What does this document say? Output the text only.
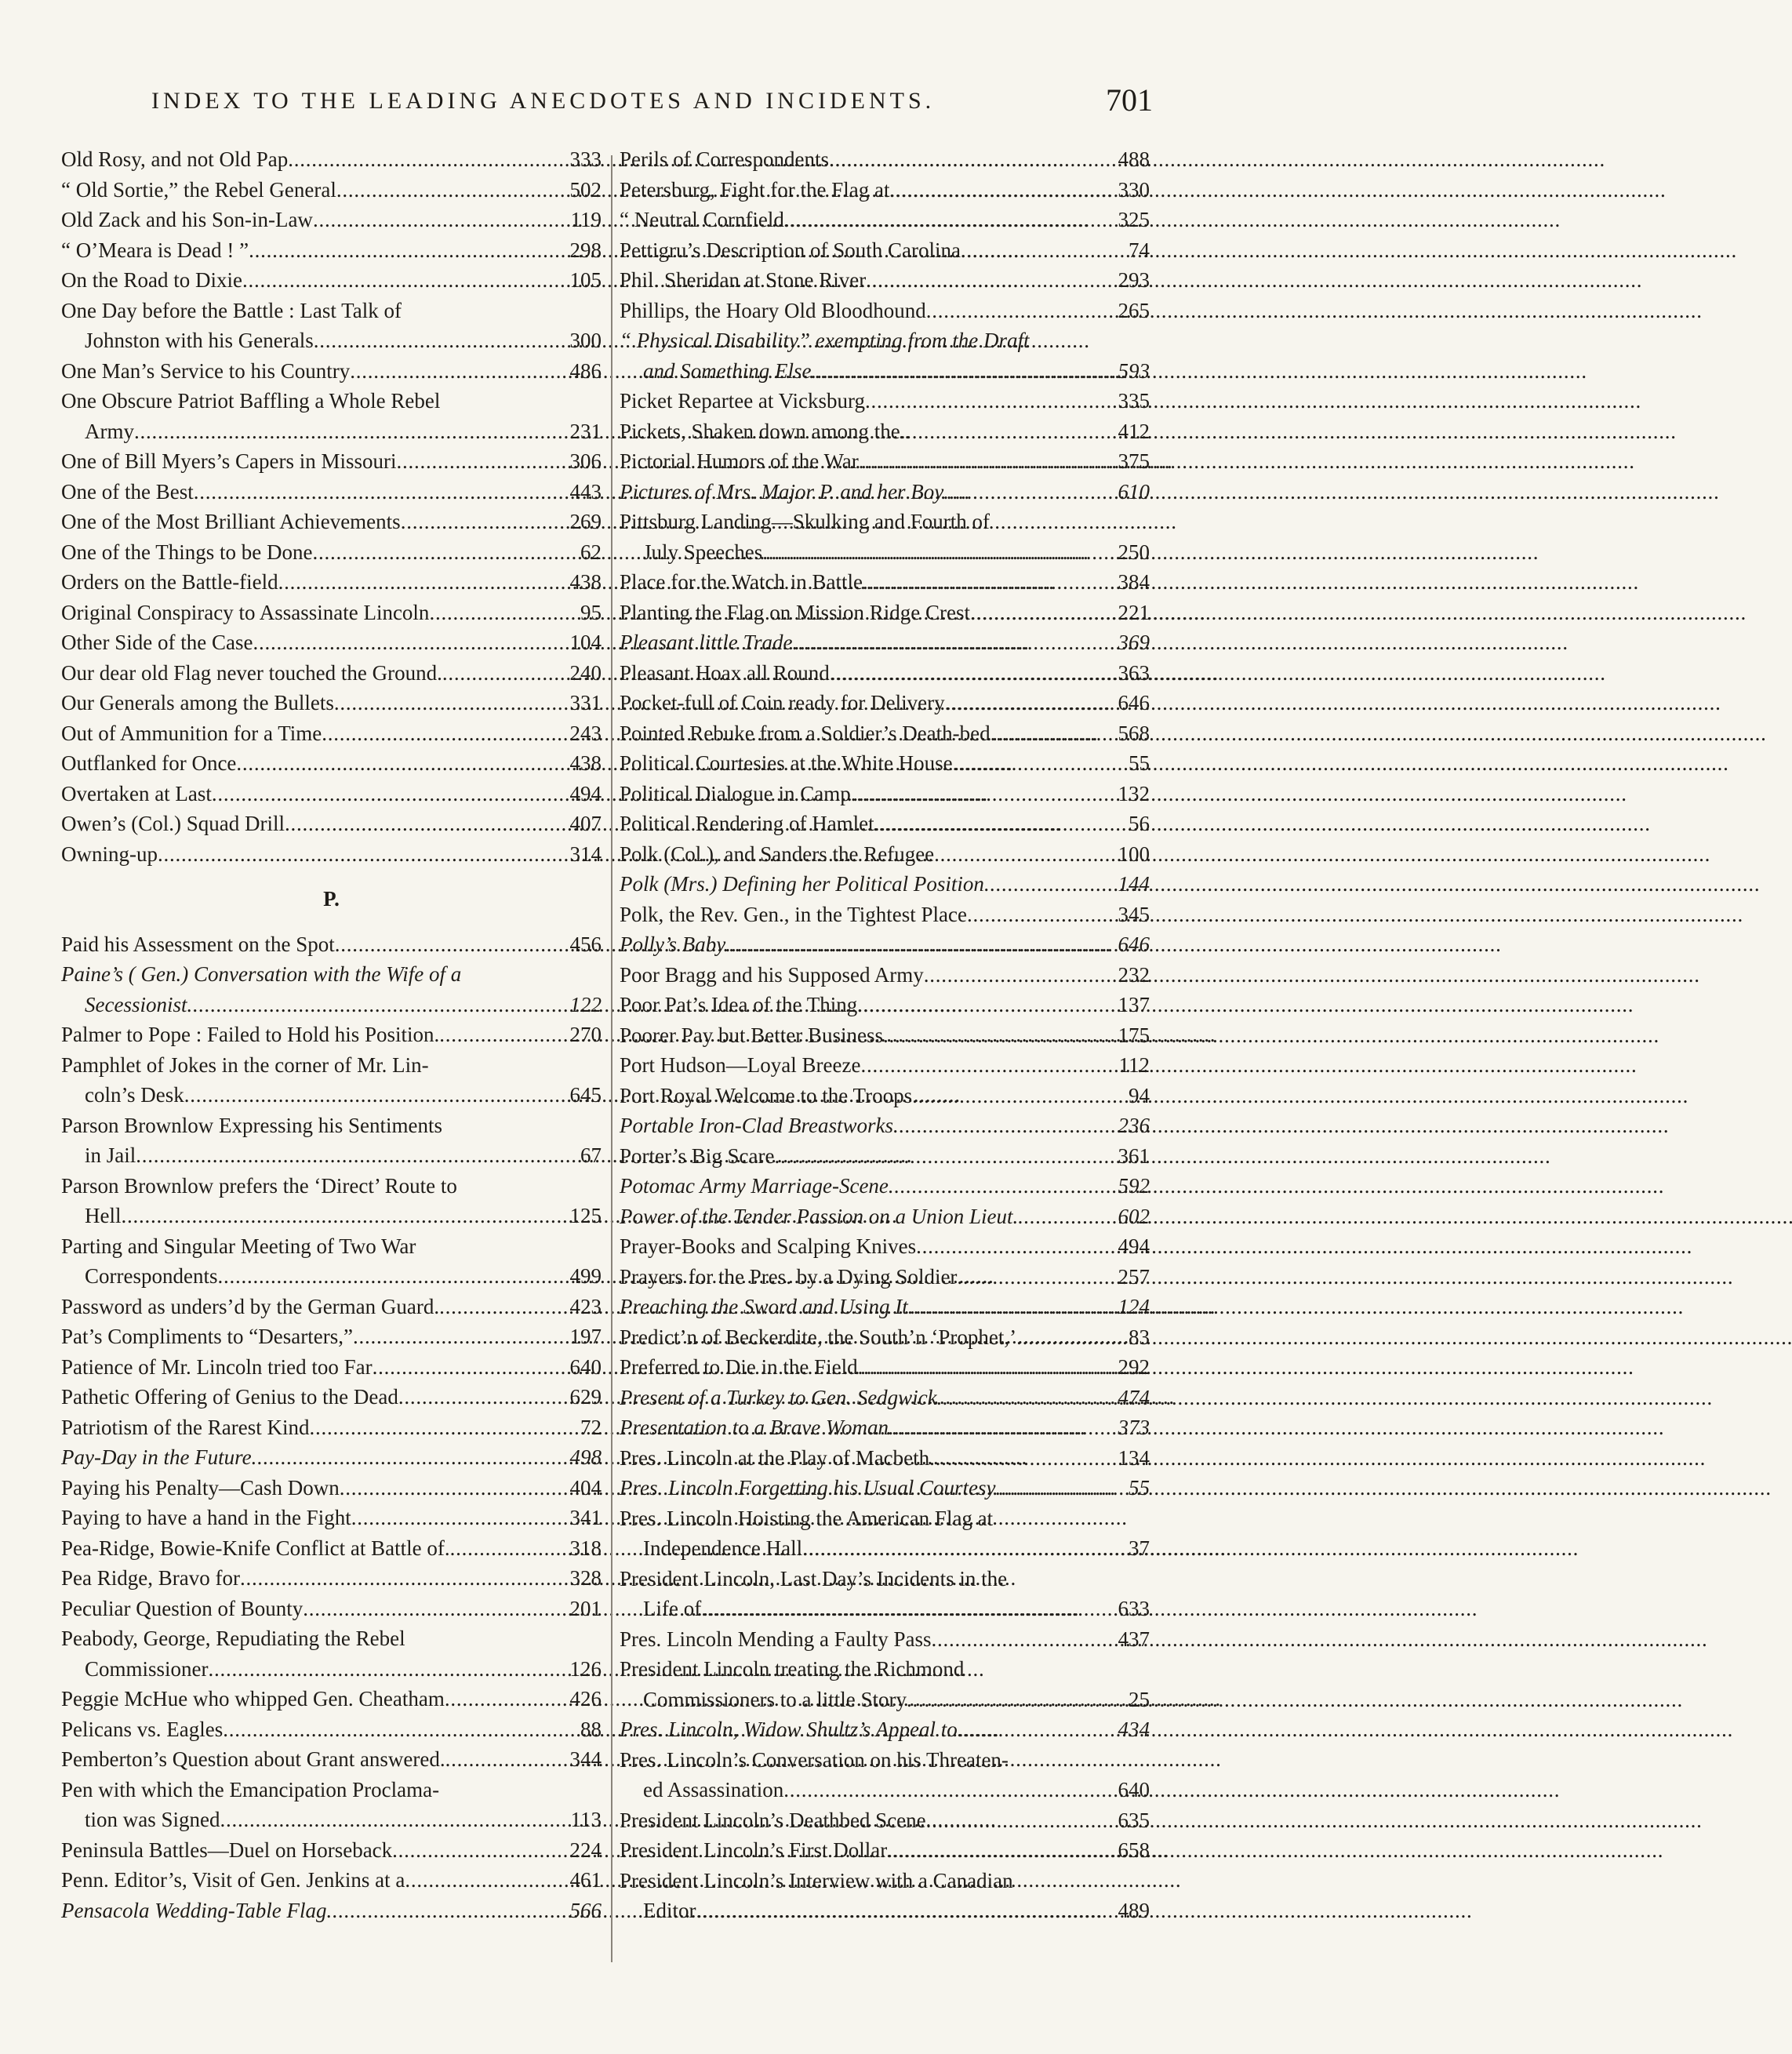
INDEX TO THE LEADING ANECDOTES AND INCIDENTS.	701
Old Rosy, and not Old Pap . . .	333
“ Old Sortie,” the Rebel General . . .	502
Old Zack and his Son-in-Law . . .	119
“ O’Meara is Dead ! ” . . .	298
On the Road to Dixie . . .	105
One Day before the Battle : Last Talk of
Johnston with his Generals . . .	300
One Man’s Service to his Country . . .	486
One Obscure Patriot Baffling a Whole Rebel
Army . . .	231
One of Bill Myers’s Capers in Missouri . . .	306
One of the Best . . .	443
One of the Most Brilliant Achievements . . .	269
One of the Things to be Done . . .	62
Orders on the Battle-field . . .	438
Original Conspiracy to Assassinate Lincoln . . .	95
Other Side of the Case . . .	104
Our dear old Flag never touched the Ground. . . .	240
Our Generals among the Bullets . . .	331
Out of Ammunition for a Time . . .	243
Outflanked for Once . . .	438
Overtaken at Last . . .	494
Owen’s (Col.) Squad Drill . . .	407
Owning-up . . .	314
P.
Paid his Assessment on the Spot . . .	456
Paine’s ( Gen.) Conversation with the Wife of a
Secessionist . . .	122
Palmer to Pope : Failed to Hold his Position. . . .	270
Pamphlet of Jokes in the corner of Mr. Lin-
coln’s Desk . . .	645
Parson Brownlow Expressing his Sentiments
in Jail . . .	67
Parson Brownlow prefers the ‘Direct’ Route to
Hell . . .	125
Parting and Singular Meeting of Two War
Correspondents . . .	499
Password as unders’d by the German Guard. . . .	423
Pat’s Compliments to “Desarters,” . . .	197
Patience of Mr. Lincoln tried too Far . . .	640
Pathetic Offering of Genius to the Dead . . .	629
Patriotism of the Rarest Kind . . .	72
Pay-Day in the Future . . .	498
Paying his Penalty—Cash Down . . .	404
Paying to have a hand in the Fight . . .	341
Pea-Ridge, Bowie-Knife Conflict at Battle of. . . .	318
Pea Ridge, Bravo for . . .	328
Peculiar Question of Bounty . . .	201
Peabody, George, Repudiating the Rebel
Commissioner . . .	126
Peggie McHue who whipped Gen. Cheatham . . .	426
Pelicans vs. Eagles . . .	88
Pemberton’s Question about Grant answered. . . .	344
Pen with which the Emancipation Proclama-
tion was Signed . . .	113
Peninsula Battles—Duel on Horseback . . .	224
Penn. Editor’s, Visit of Gen. Jenkins at a . . .	461
Pensacola Wedding-Table Flag . . .	566
Perils of Correspondents . . .	488
Petersburg, Fight for the Flag at . . .	330
“ Neutral Cornfield . . .	325
Pettigru’s Description of South Carolina . . .	74
Phil. Sheridan at Stone River . . .	293
Phillips, the Hoary Old Bloodhound . . .	265
“ Physical Disability” exempting from the Draft
and Something Else . . .	593
Picket Repartee at Vicksburg . . .	335
Pickets, Shaken down among the . . .	412
Pictorial Humors of the War . . .	375
Pictures of Mrs. Major P. and her Boy . . .	610
Pittsburg Landing—Skulking and Fourth of
July Speeches . . .	250
Place for the Watch in Battle . . .	384
Planting the Flag on Mission Ridge Crest . . .	221
Pleasant little Trade . . .	369
Pleasant Hoax all Round . . .	363
Pocket-full of Coin ready for Delivery . . .	646
Pointed Rebuke from a Soldier’s Death-bed . . .	568
Political Courtesies at the White House . . .	55
Political Dialogue in Camp . . .	132
Political Rendering of Hamlet . . .	56
Polk (Col.), and Sanders the Refugee . . .	100
Polk (Mrs.) Defining her Political Position . . .	144
Polk, the Rev. Gen., in the Tightest Place . . .	345
Polly’s Baby . . .	646
Poor Bragg and his Supposed Army . . .	232
Poor Pat’s Idea of the Thing . . .	137
Poorer Pay but Better Business . . .	175
Port Hudson—Loyal Breeze . . .	112
Port Royal Welcome to the Troops . . .	94
Portable Iron-Clad Breastworks . . .	236
Porter’s Big Scare . . .	361
Potomac Army Marriage-Scene . . .	592
Power of the Tender Passion on a Union Lieut. . . .	602
Prayer-Books and Scalping Knives . . .	494
Prayers for the Pres. by a Dying Soldier . . .	257
Preaching the Sword and Using It . . .	124
Predict’n of Beckerdite, the South’n ‘Prophet,’ . . .	83
Preferred to Die in the Field . . .	292
Present of a Turkey to Gen. Sedgwick . . .	474
Presentation to a Brave Woman . . .	373
Pres. Lincoln at the Play of Macbeth . . .	134
Pres. Lincoln Forgetting his Usual Courtesy . . .	55
Pres. Lincoln Hoisting the American Flag at
Independence Hall . . .	37
President Lincoln, Last Day’s Incidents in the
Life of . . .	633
Pres. Lincoln Mending a Faulty Pass . . .	437
President Lincoln treating the Richmond
Commissioners to a little Story . . .	25
Pres. Lincoln, Widow Shultz’s Appeal to . . .	434
Pres. Lincoln’s Conversation on his Threaten-
ed Assassination . . .	640
President Lincoln’s Deathbed Scene . . .	635
President Lincoln’s First Dollar . . .	658
President Lincoln’s Interview with a Canadian
Editor . . .	489
